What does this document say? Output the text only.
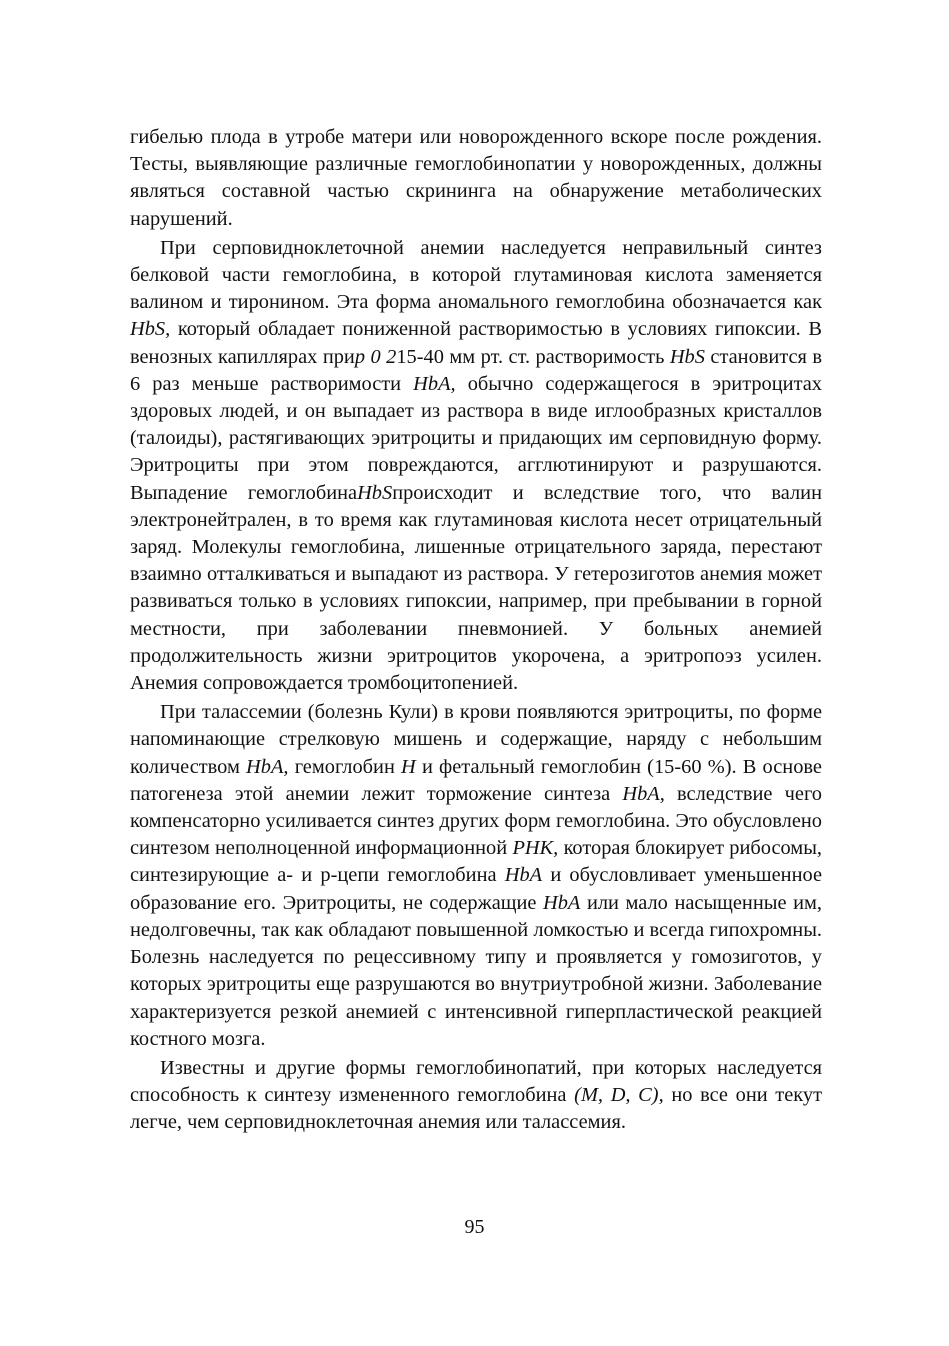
гибелью плода в утробе матери или новорожденного вскоре после рождения. Тесты, выявляющие различные гемоглобинопатии у новорожденных, должны являться составной частью скрининга на обнаружение метаболических нарушений.

При серповидноклеточной анемии наследуется неправильный синтез белковой части гемоглобина, в которой глутаминовая кислота заменяется валином и тиронином. Эта форма аномального гемоглобина обозначается как HbS, который обладает пониженной растворимостью в условиях гипоксии. В венозных капиллярах прир 0 215-40 мм рт. ст. растворимость HbS становится в 6 раз меньше растворимости HbA, обычно содержащегося в эритроцитах здоровых людей, и он выпадает из раствора в виде иглообразных кристаллов (талоиды), растягивающих эритроциты и придающих им серповидную форму. Эритроциты при этом повреждаются, агглютинируют и разрушаются. Выпадение гемоглобинаHbSпроисходит и вследствие того, что валин электронейтрален, в то время как глутаминовая кислота несет отрицательный заряд. Молекулы гемоглобина, лишенные отрицательного заряда, перестают взаимно отталкиваться и выпадают из раствора. У гетерозиготов анемия может развиваться только в условиях гипоксии, например, при пребывании в горной местности, при заболевании пневмонией. У больных анемией продолжительность жизни эритроцитов укорочена, а эритропоэз усилен. Анемия сопровождается тромбоцитопенией.

При талассемии (болезнь Кули) в крови появляются эритроциты, по форме напоминающие стрелковую мишень и содержащие, наряду с небольшим количеством HbA, гемоглобин Н и фетальный гемоглобин (15-60 %). В основе патогенеза этой анемии лежит торможение синтеза HbA, вследствие чего компенсаторно усиливается синтез других форм гемоглобина. Это обусловлено синтезом неполноценной информационной РНК, которая блокирует рибосомы, синтезирующие а- и р-цепи гемоглобина HbA и обусловливает уменьшенное образование его. Эритроциты, не содержащие HbA или мало насыщенные им, недолговечны, так как обладают повышенной ломкостью и всегда гипохромны. Болезнь наследуется по рецессивному типу и проявляется у гомозиготов, у которых эритроциты еще разрушаются во внутриутробной жизни. Заболевание характеризуется резкой анемией с интенсивной гиперпластической реакцией костного мозга.

Известны и другие формы гемоглобинопатий, при которых наследуется способность к синтезу измененного гемоглобина (М, D, С), но все они текут легче, чем серповидноклеточная анемия или талассемия.

95
